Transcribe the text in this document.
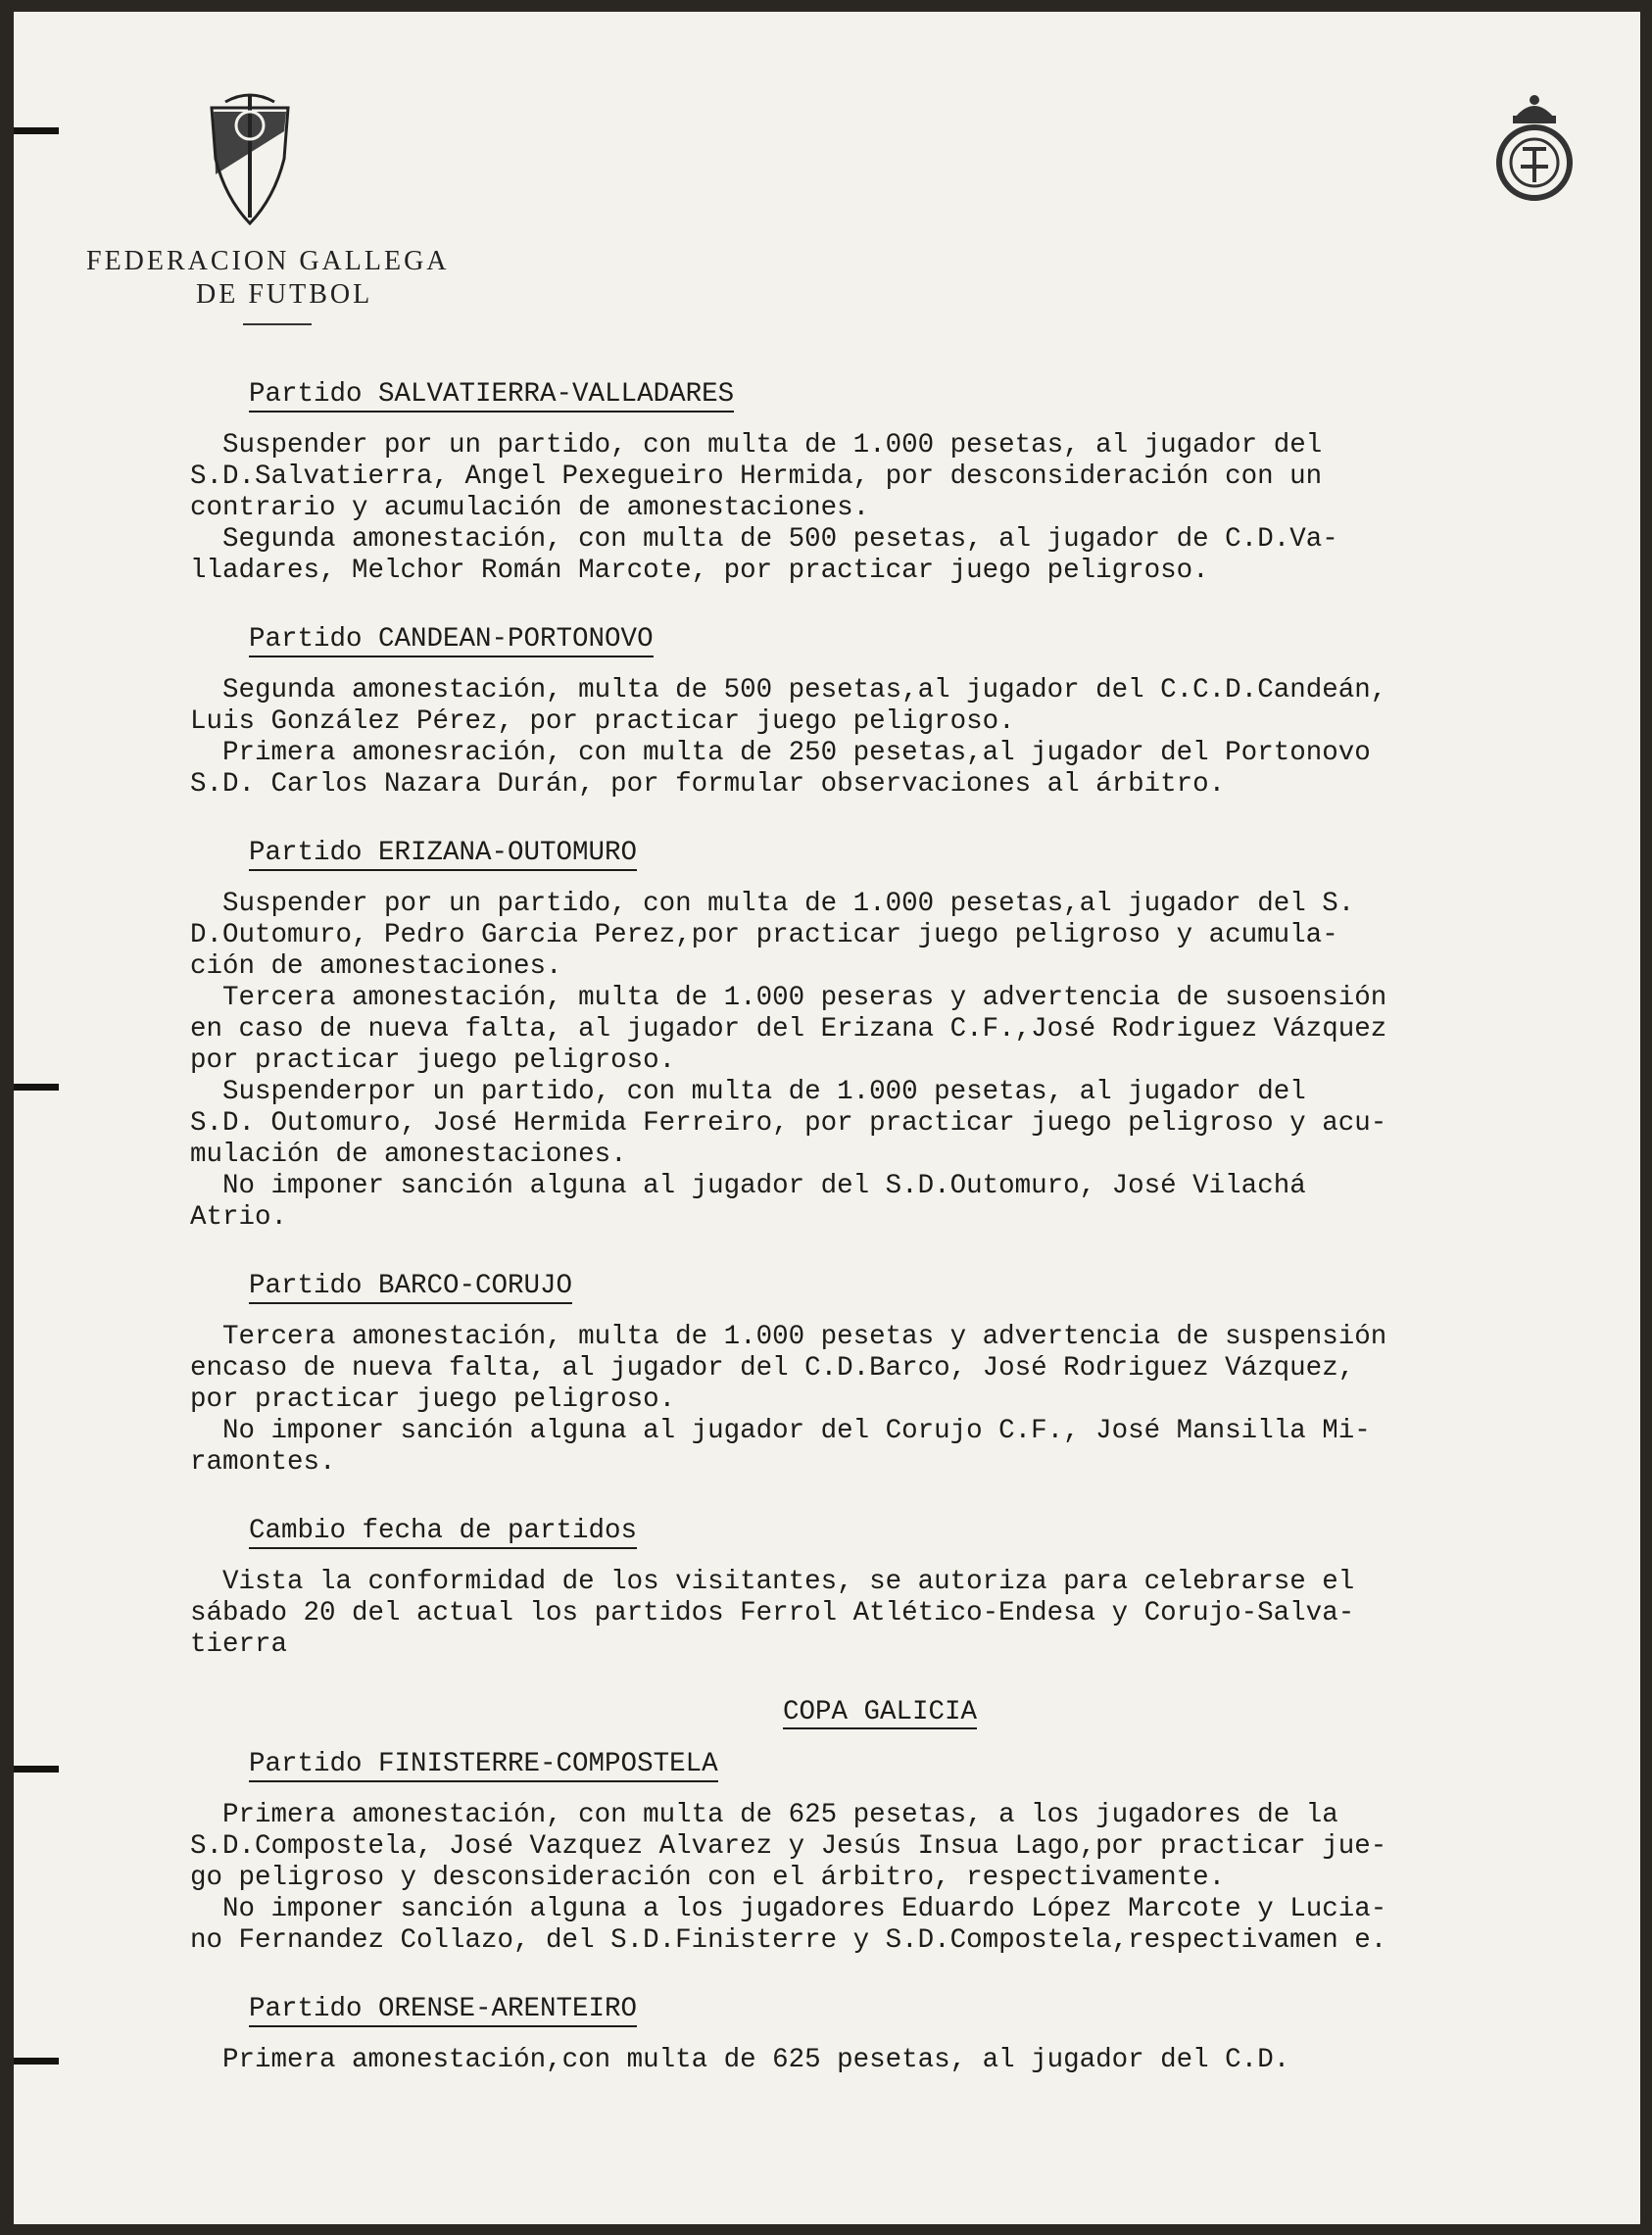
FEDERACION GALLEGA
DE FUTBOL
Partido SALVATIERRA-VALLADARES

Suspender por un partido, con multa de 1.000 pesetas, al jugador del
S.D.Salvatierra, Angel Pexegueiro Hermida, por desconsideración con un
contrario y acumulación de amonestaciones.

Segunda amonestación, con multa de 500 pesetas, al jugador de C.D.Va-
lladares, Melchor Román Marcote, por practicar juego peligroso.

Partido CANDEAN-PORTONOVO

Segunda amonestación, multa de 500 pesetas,al jugador del C.C.D.Candeán,
Luis González Pérez, por practicar juego peligroso.

Primera amonesración, con multa de 250 pesetas,al jugador del Portonovo
S.D. Carlos Nazara Durán, por formular observaciones al árbitro.

Partido ERIZANA-OUTOMURO

Suspender por un partido, con multa de 1.000 pesetas,al jugador del S.
D.Outomuro, Pedro Garcia Perez,por practicar juego peligroso y acumula-
ción de amonestaciones.

Tercera amonestación, multa de 1.000 peseras y advertencia de susoensión
en caso de nueva falta, al jugador del Erizana C.F.,José Rodriguez Vázquez
por practicar juego peligroso.

Suspenderpor un partido, con multa de 1.000 pesetas, al jugador del
S.D. Outomuro, José Hermida Ferreiro, por practicar juego peligroso y acu-
mulación de amonestaciones.

No imponer sanción alguna al jugador del S.D.Outomuro, José Vilachá
Atrio.

Partido BARCO-CORUJO

Tercera amonestación, multa de 1.000 pesetas y advertencia de suspensión
encaso de nueva falta, al jugador del C.D.Barco, José Rodriguez Vázquez,
por practicar juego peligroso.

No imponer sanción alguna al jugador del Corujo C.F., José Mansilla Mi-
ramontes.

Cambio fecha de partidos

Vista la conformidad de los visitantes, se autoriza para celebrarse el
sábado 20 del actual los partidos Ferrol Atlético-Endesa y Corujo-Salva-
tierra

COPA GALICIA
Partido FINISTERRE-COMPOSTELA

Primera amonestación, con multa de 625 pesetas, a los jugadores de la
S.D.Compostela, José Vazquez Alvarez y Jesús Insua Lago,por practicar jue-
go peligroso y desconsideración con el árbitro, respectivamente.

No imponer sanción alguna a los jugadores Eduardo López Marcote y Lucia-
no Fernandez Collazo, del S.D.Finisterre y S.D.Compostela,respectivamen e.

Partido ORENSE-ARENTEIRO

Primera amonestación,con multa de 625 pesetas, al jugador del C.D.
